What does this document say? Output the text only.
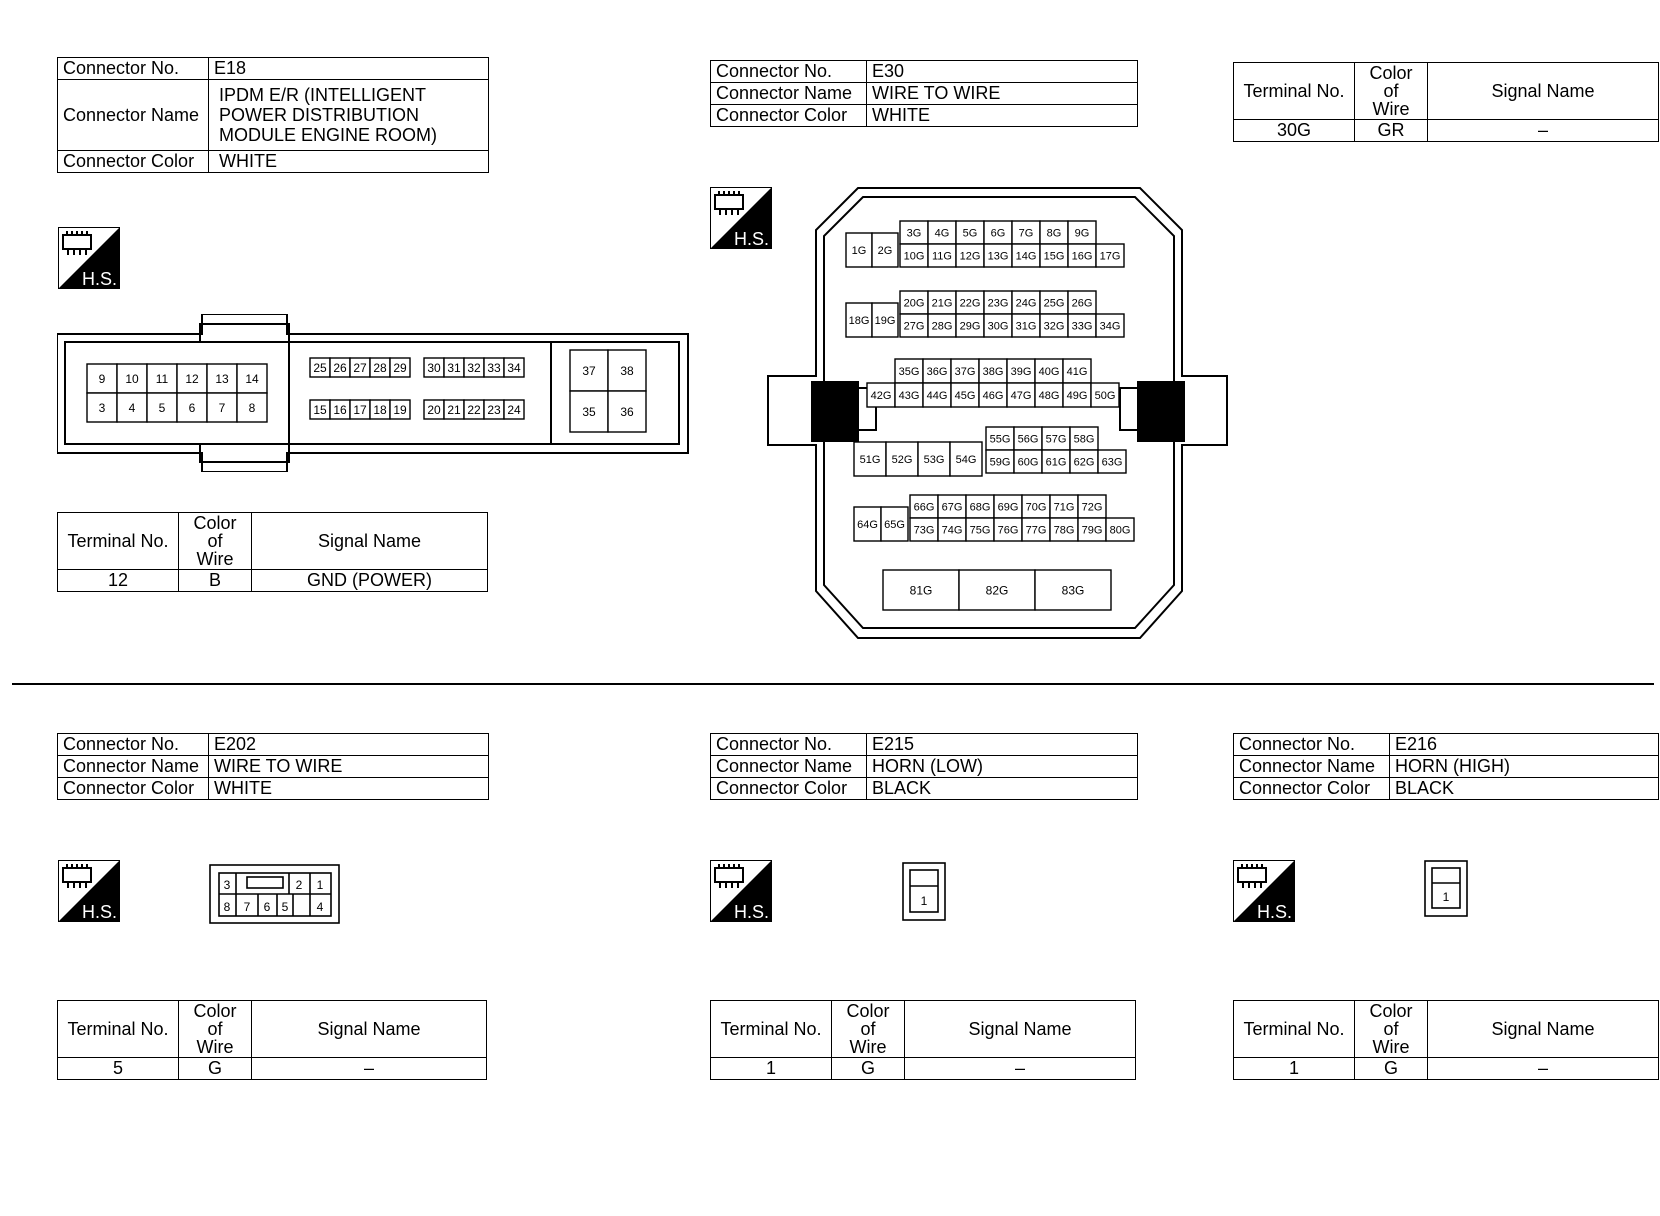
Connector No.	E18
Connector Name	IPDM E/R (INTELLIGENT
POWER DISTRIBUTION
MODULE ENGINE ROOM)

Connector Color	WHITE
H.S.
9 10 11 12 13 14
3 4 5 6 7 8
25
15
26
16
27
17
28
18
29
19
30
20
31
21
32
22
33
23
34
24
37 38
35 36
Terminal No.	Color of
Wire	Signal Name
12	B	GND (POWER)
Connector No.	E30
Connector Name	WIRE TO WIRE
Connector Color	WHITE
H.S.
1G 2G
3G 4G 5G 6G 7G 8G 9G
10G 11G 12G 13G 14G 15G 16G 17G
18G 19G
20G 21G 22G 23G 24G 25G 26G
27G 28G 29G 30G 31G 32G 33G 34G
35G 36G 37G 38G 39G 40G 41G
42G 43G 44G 45G 46G 47G 48G 49G 50G
51G 52G 53G 54G
55G 56G 57G 58G
59G 60G 61G 62G 63G
64G 65G
66G 67G 68G 69G 70G 71G 72G
73G 74G 75G 76G 77G 78G 79G 80G
81G	82G	83G
Terminal No.	Color of
Wire	Signal Name
30G	GR	–
Connector No.	E202
Connector Name	WIRE TO WIRE
Connector Color	WHITE
H.S.
3	2 1
8 7 6 5 4
Terminal No.	Color of
Wire	Signal Name
5	G	–
Connector No.	E215
Connector Name	HORN (LOW)
Connector Color	BLACK
H.S.
1
Terminal No.	Color of
Wire	Signal Name
1	G	–
Connector No.	E216
Connector Name	HORN (HIGH)
Connector Color	BLACK
H.S.
1
Terminal No.	Color of
Wire	Signal Name
1	G	–
